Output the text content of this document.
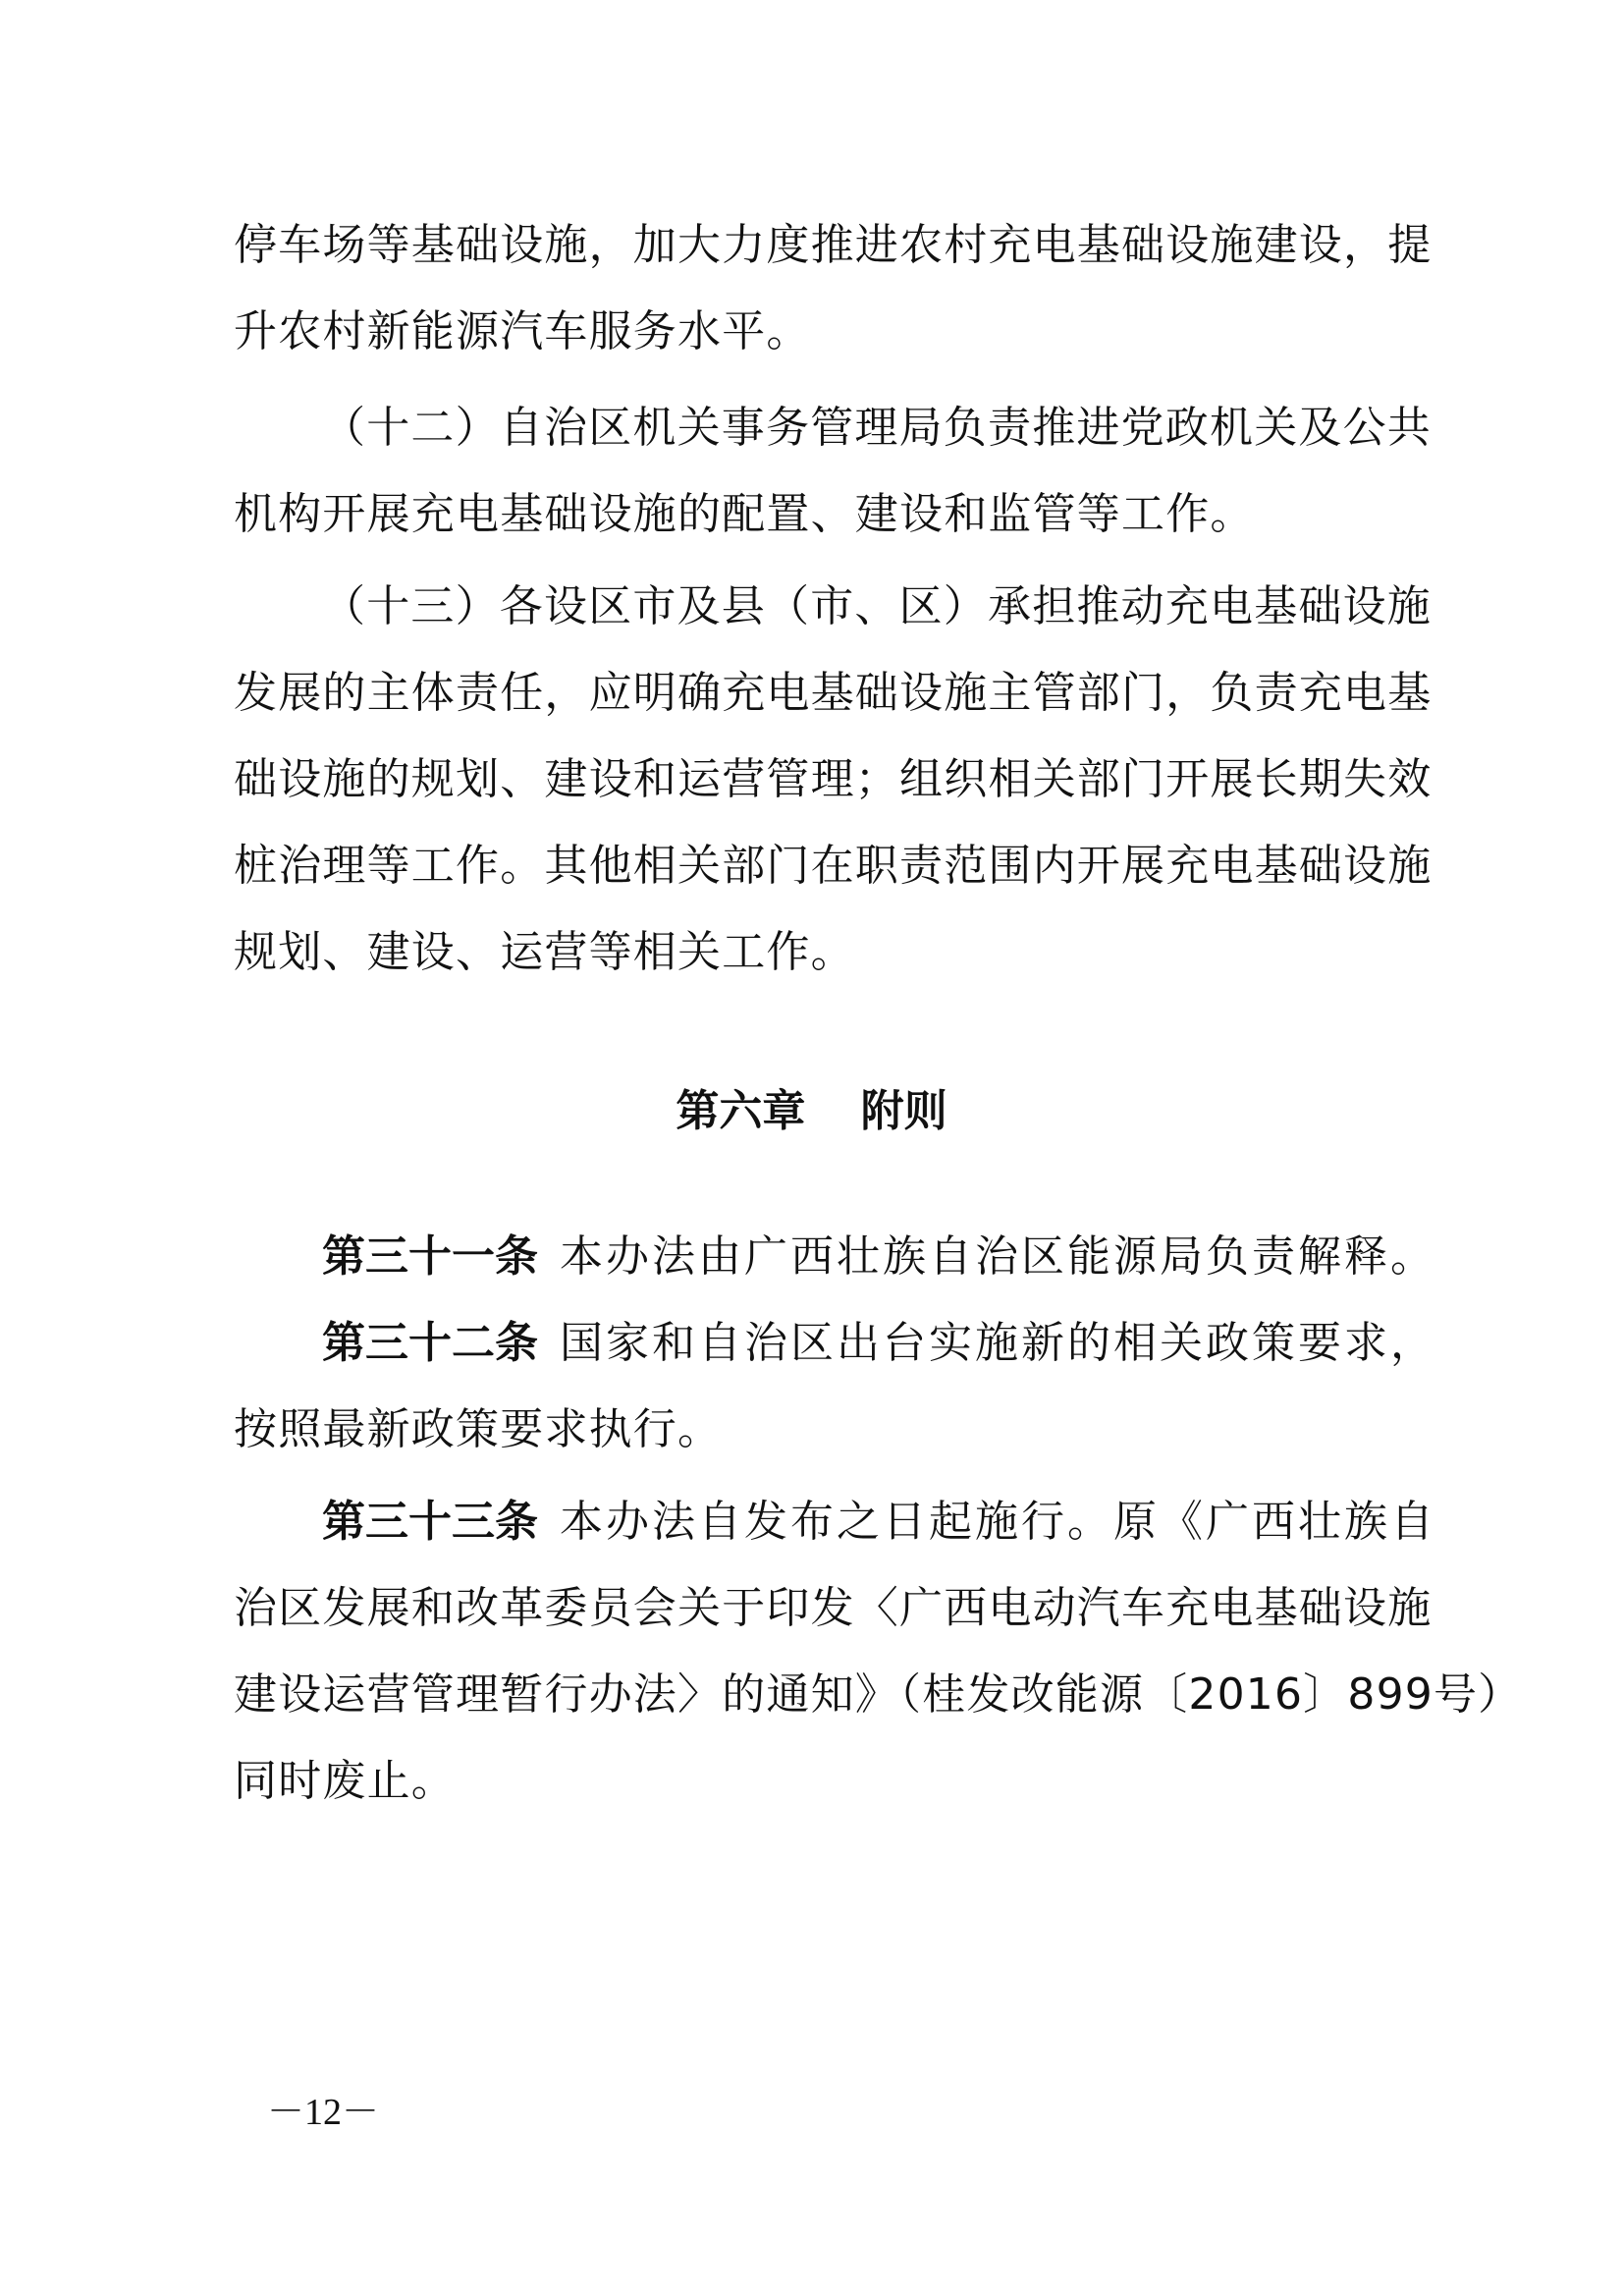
停车场等基础设施，加大力度推进农村充电基础设施建设，提
升农村新能源汽车服务水平。
（十二）自治区机关事务管理局负责推进党政机关及公共
机构开展充电基础设施的配置、建设和监管等工作。
（十三）各设区市及县（市、区）承担推动充电基础设施
发展的主体责任，应明确充电基础设施主管部门，负责充电基
础设施的规划、建设和运营管理；组织相关部门开展长期失效
桩治理等工作。其他相关部门在职责范围内开展充电基础设施
规划、建设、运营等相关工作。
第六章　 附则
第三十一条 本办法由广西壮族自治区能源局负责解释。
第三十二条 国家和自治区出台实施新的相关政策要求，
按照最新政策要求执行。
第三十三条 本办法自发布之日起施行。原《广西壮族自
治区发展和改革委员会关于印发〈广西电动汽车充电基础设施
建设运营管理暂行办法〉的通知》（桂发改能源〔2016〕899号）
同时废止。
－12－
